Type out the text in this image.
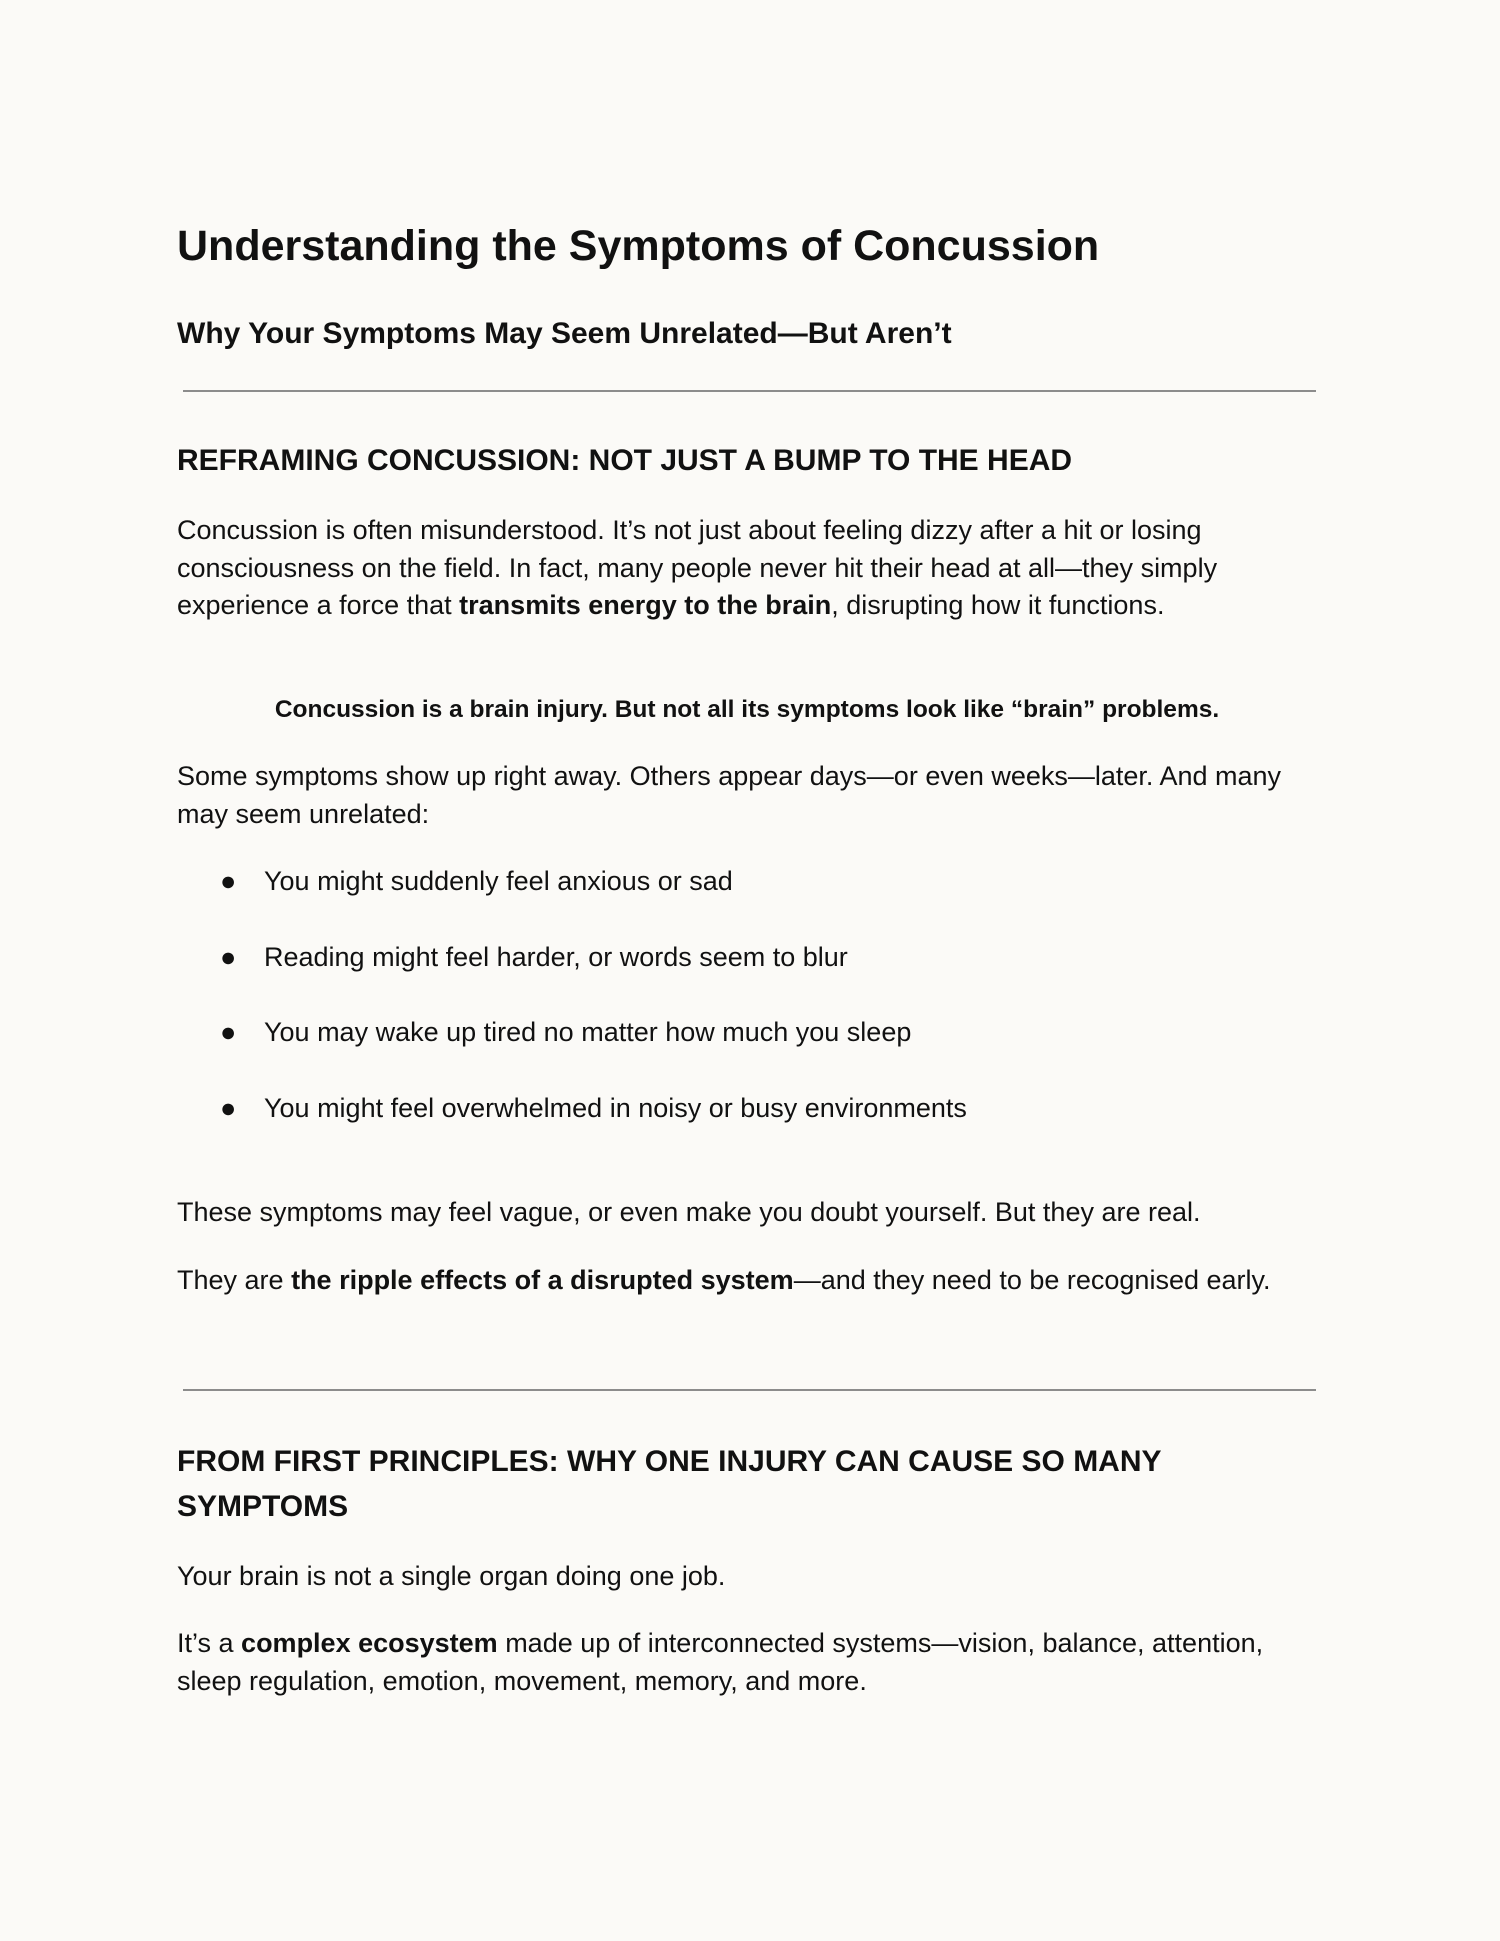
Understanding the Symptoms of Concussion
Why Your Symptoms May Seem Unrelated—But Aren’t
REFRAMING CONCUSSION: NOT JUST A BUMP TO THE HEAD
Concussion is often misunderstood. It’s not just about feeling dizzy after a hit or losing consciousness on the field. In fact, many people never hit their head at all—they simply experience a force that transmits energy to the brain, disrupting how it functions.
Concussion is a brain injury. But not all its symptoms look like “brain” problems.
Some symptoms show up right away. Others appear days—or even weeks—later. And many may seem unrelated:
● You might suddenly feel anxious or sad
● Reading might feel harder, or words seem to blur
● You may wake up tired no matter how much you sleep
● You might feel overwhelmed in noisy or busy environments
These symptoms may feel vague, or even make you doubt yourself. But they are real.
They are the ripple effects of a disrupted system—and they need to be recognised early.
FROM FIRST PRINCIPLES: WHY ONE INJURY CAN CAUSE SO MANY SYMPTOMS
Your brain is not a single organ doing one job.
It’s a complex ecosystem made up of interconnected systems—vision, balance, attention, sleep regulation, emotion, movement, memory, and more.
